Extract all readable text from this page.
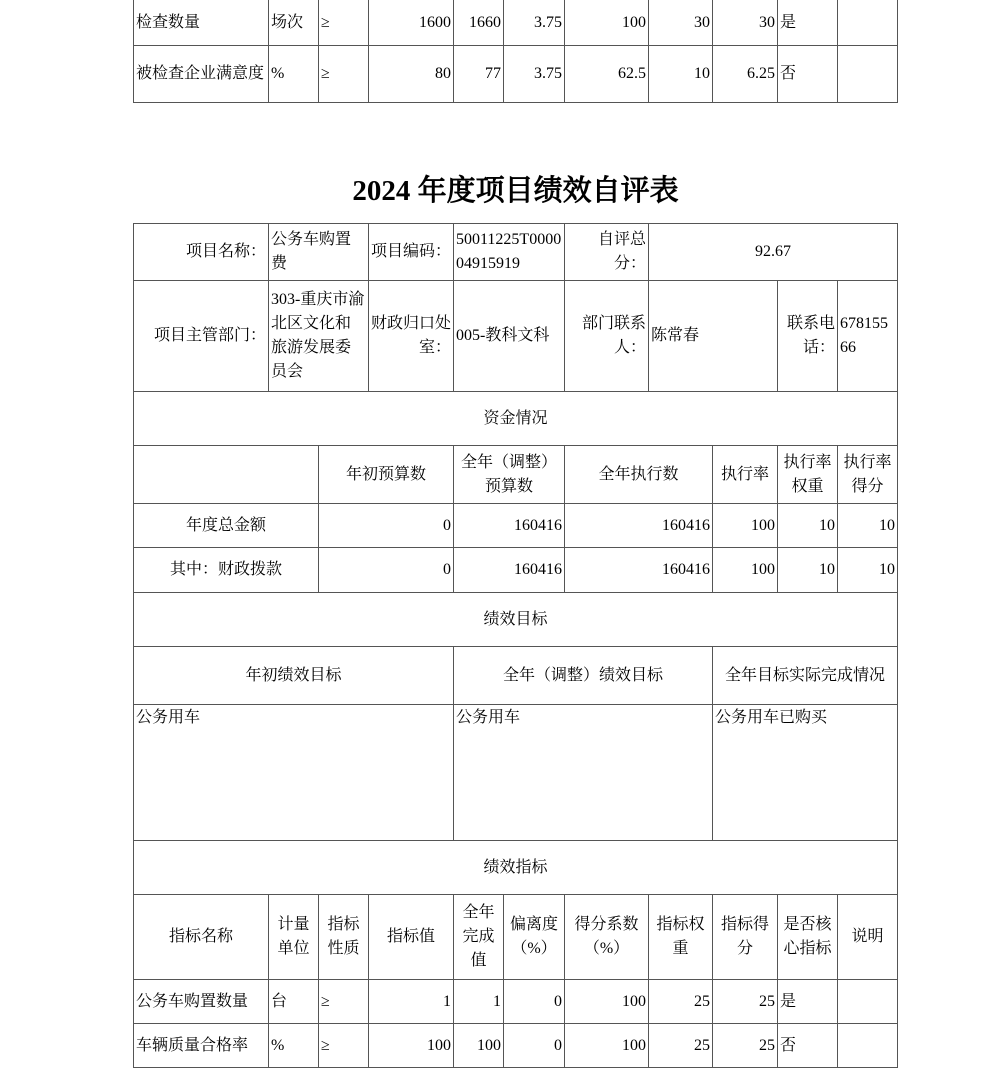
检查数量	场次	≥	1600	1660	3.75	100	30	30	是	
被检查企业满意度	%	≥	80	77	3.75	62.5	10	6.25	否	
2024 年度项目绩效自评表
项目名称：	公务车购置费		项目编码：	50011225T000004915919		自评总分：	92.67			
项目主管部门：	303-重庆市渝北区文化和旅游发展委员会		财政归口处室：	005-教科文科		部门联系人：	陈常春		联系电话：	67815566
资金情况										
		年初预算数		全年（调整）预算数		全年执行数		执行率	执行率权重	执行率得分
年度总金额		0		160416		160416		100	10	10
其中：财政拨款		0		160416		160416		100	10	10
绩效目标										
年初绩效目标				全年（调整）绩效目标				全年目标实际完成情况		
公务用车				公务用车				公务用车已购买		
绩效指标										
指标名称	计量单位	指标性质	指标值	全年完成值	偏离度（%）	得分系数（%）	指标权重	指标得分	是否核心指标	说明
公务车购置数量	台	≥	1	1	0	100	25	25	是	
车辆质量合格率	%	≥	100	100	0	100	25	25	否	
